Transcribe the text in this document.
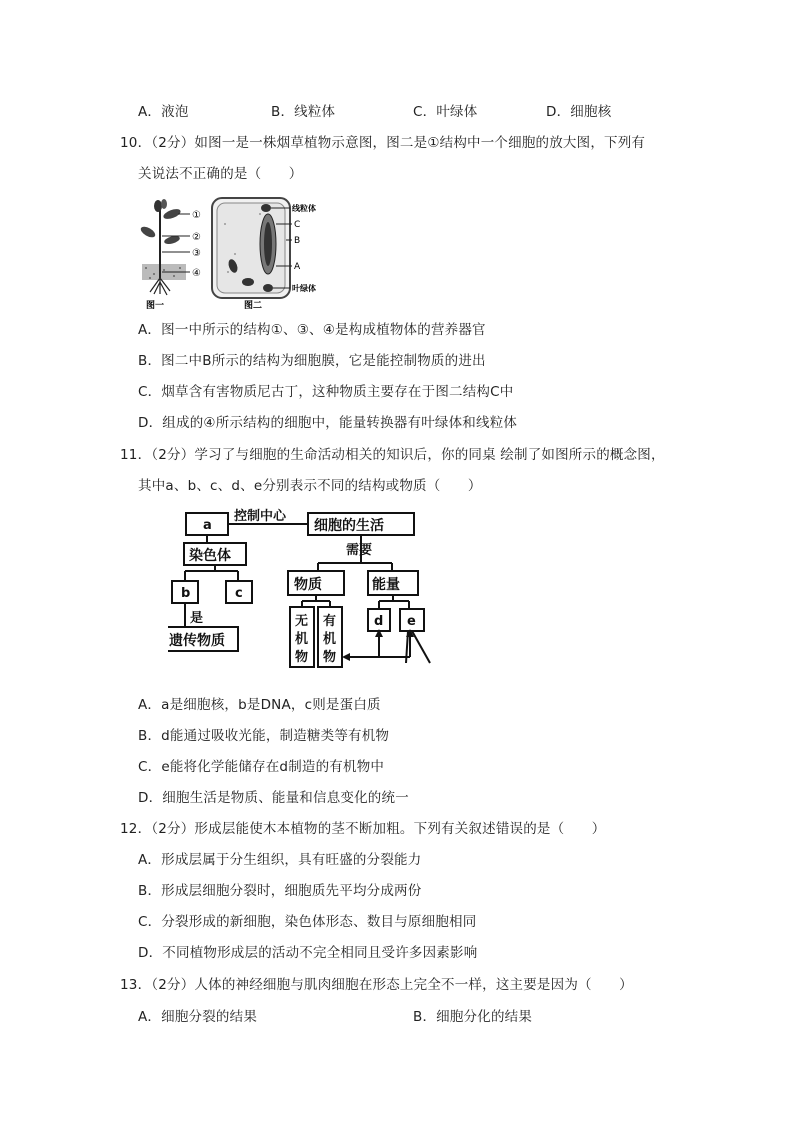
A．液泡	B．线粒体	C．叶绿体	D．细胞核
10．（2分）如图一是一株烟草植物示意图，图二是①结构中一个细胞的放大图，下列有
关说法不正确的是（　　）
①
②
③
④
图一
线粒体
C
B
A
叶绿体
图二
A．图一中所示的结构①、③、④是构成植物体的营养器官
B．图二中B所示的结构为细胞膜，它是能控制物质的进出
C．烟草含有害物质尼古丁，这种物质主要存在于图二结构C中
D．组成的④所示结构的细胞中，能量转换器有叶绿体和线粒体
11．（2分）学习了与细胞的生命活动相关的知识后，你的同桌 绘制了如图所示的概念图，
其中a、b、c、d、e分别表示不同的结构或物质（　　）
a
控制中心
细胞的生活
需要
染色体
b	c
是
遗传物质
物质	能量
无
机
物
有
机
物
d e
A．a是细胞核，b是DNA，c则是蛋白质
B．d能通过吸收光能，制造糖类等有机物
C．e能将化学能储存在d制造的有机物中
D．细胞生活是物质、能量和信息变化的统一
12．（2分）形成层能使木本植物的茎不断加粗。下列有关叙述错误的是（　　）
A．形成层属于分生组织，具有旺盛的分裂能力
B．形成层细胞分裂时，细胞质先平均分成两份
C．分裂形成的新细胞，染色体形态、数目与原细胞相同
D．不同植物形成层的活动不完全相同且受许多因素影响
13．（2分）人体的神经细胞与肌肉细胞在形态上完全不一样，这主要是因为（　　）
A．细胞分裂的结果	B．细胞分化的结果
